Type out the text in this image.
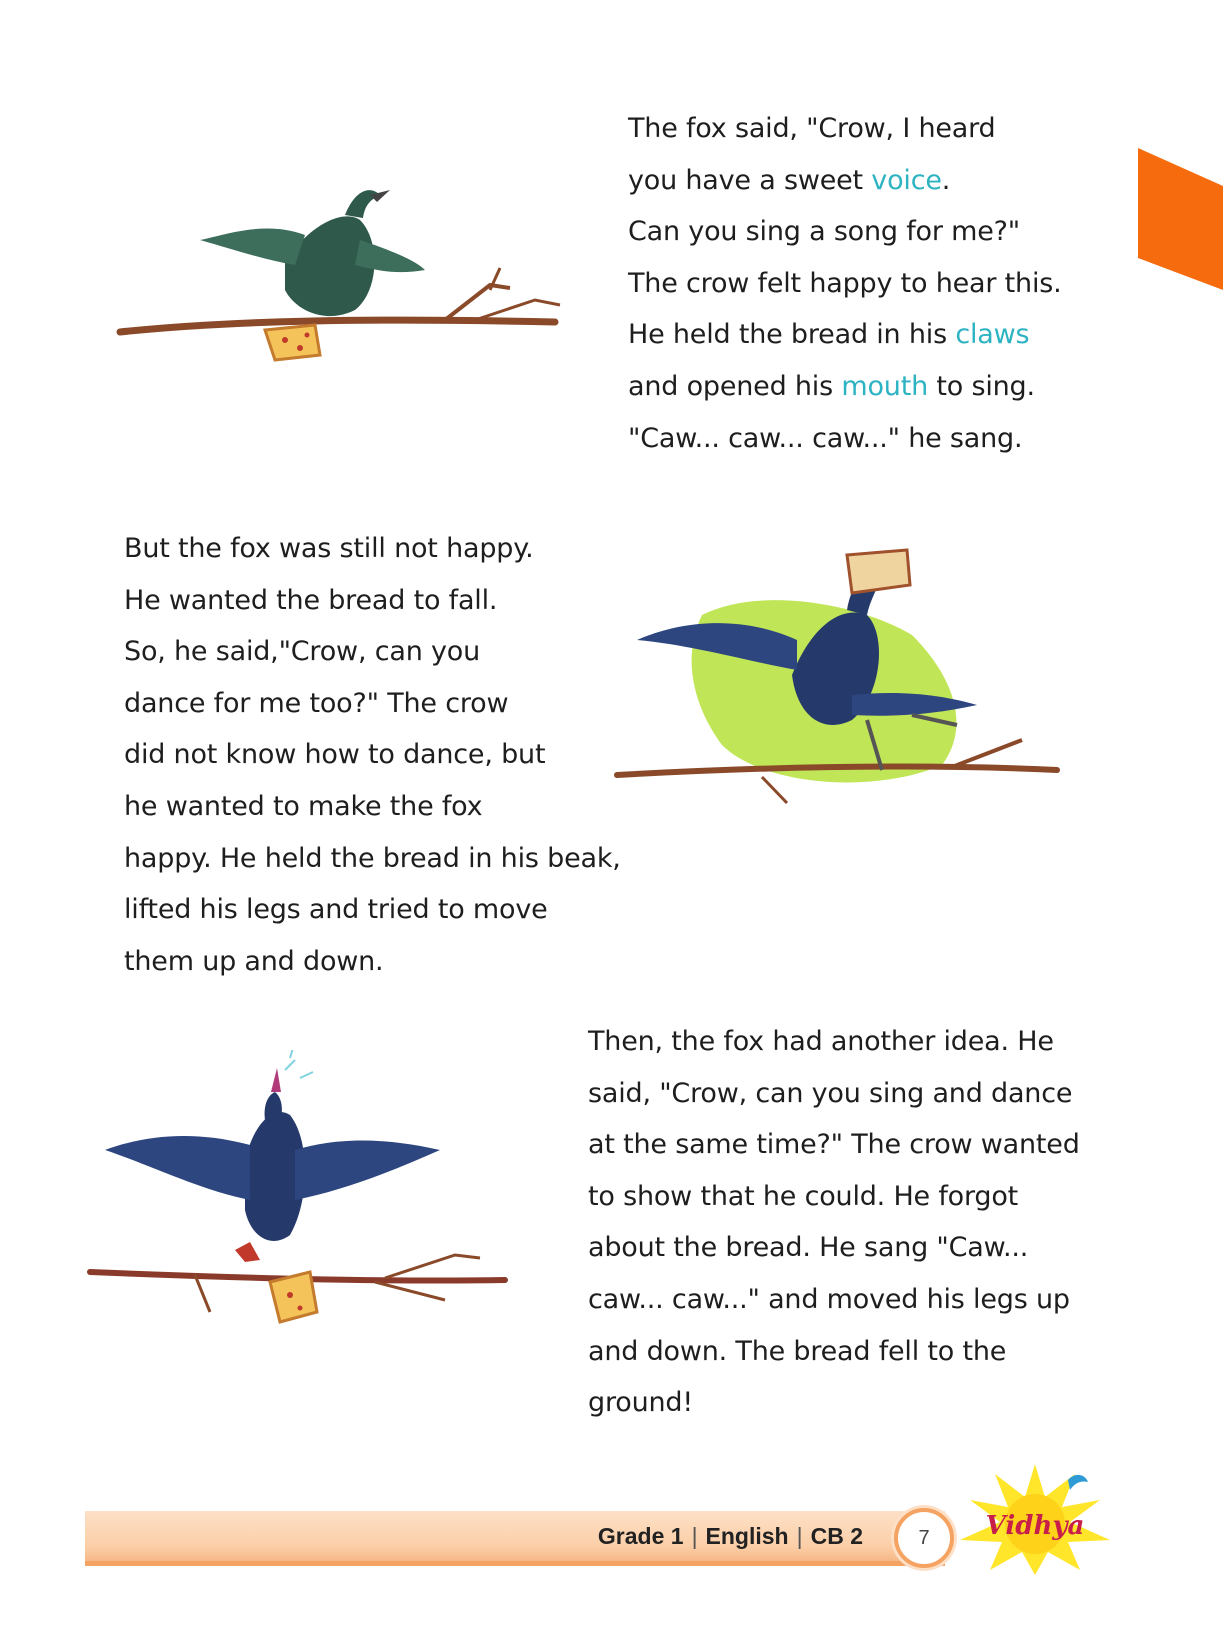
The fox said, "Crow, I heard
you have a sweet voice.
Can you sing a song for me?"
The crow felt happy to hear this.
He held the bread in his claws
and opened his mouth to sing.
"Caw... caw... caw..." he sang.
But the fox was still not happy.
He wanted the bread to fall.
So, he said,"Crow, can you
dance for me too?" The crow
did not know how to dance, but
he wanted to make the fox
happy. He held the bread in his beak,
lifted his legs and tried to move
them up and down.
Then, the fox had another idea. He
said, "Crow, can you sing and dance
at the same time?" The crow wanted
to show that he could. He forgot
about the bread. He sang "Caw...
caw... caw..." and moved his legs up
and down. The bread fell to the
ground!
Grade 1 | English | CB 2	7	Vidhya
